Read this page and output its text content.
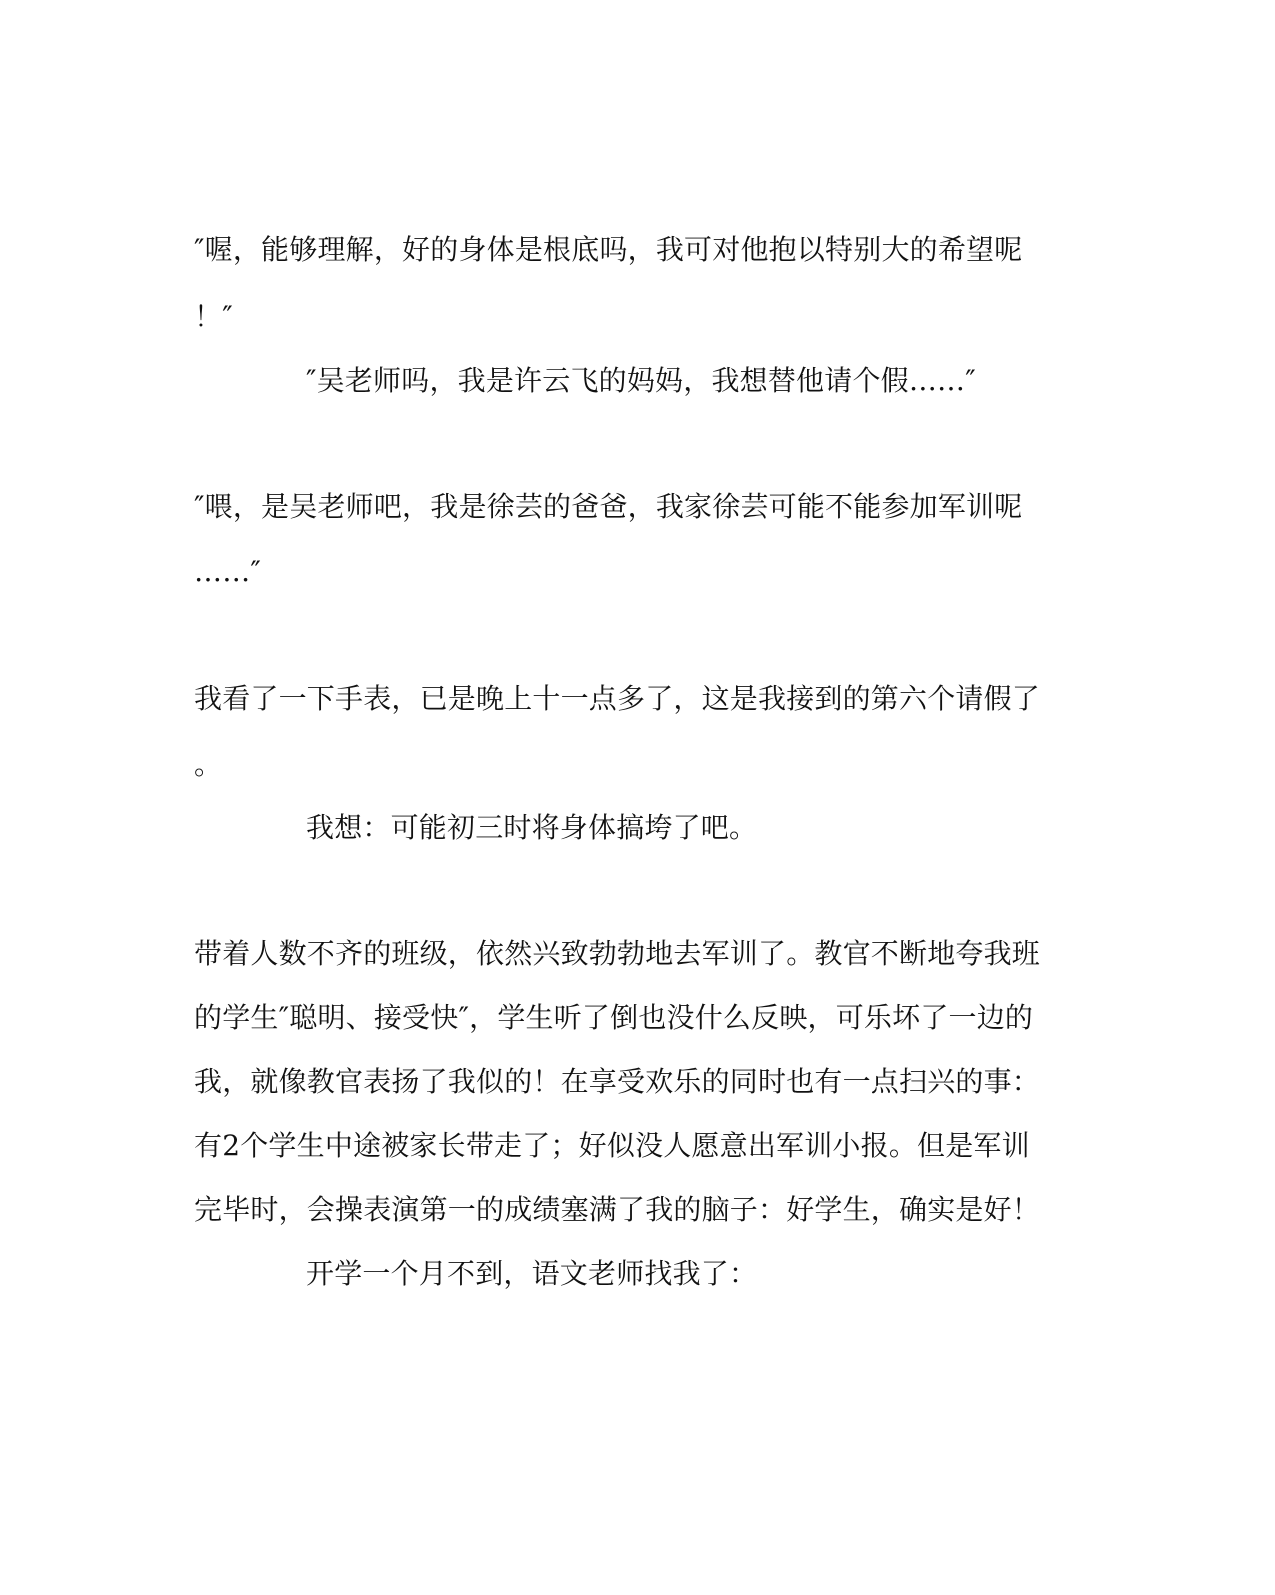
″喔，能够理解，好的身体是根底吗，我可对他抱以特别大的希望呢
！″
″吴老师吗，我是许云飞的妈妈，我想替他请个假……″
″喂，是吴老师吧，我是徐芸的爸爸，我家徐芸可能不能参加军训呢
……″
我看了一下手表，已是晚上十一点多了，这是我接到的第六个请假了
。
我想：可能初三时将身体搞垮了吧。
带着人数不齐的班级，依然兴致勃勃地去军训了。教官不断地夸我班
的学生″聪明、接受快″，学生听了倒也没什么反映，可乐坏了一边的
我，就像教官表扬了我似的！在享受欢乐的同时也有一点扫兴的事：
有2个学生中途被家长带走了；好似没人愿意出军训小报。但是军训
完毕时，会操表演第一的成绩塞满了我的脑子：好学生，确实是好！
开学一个月不到，语文老师找我了：
